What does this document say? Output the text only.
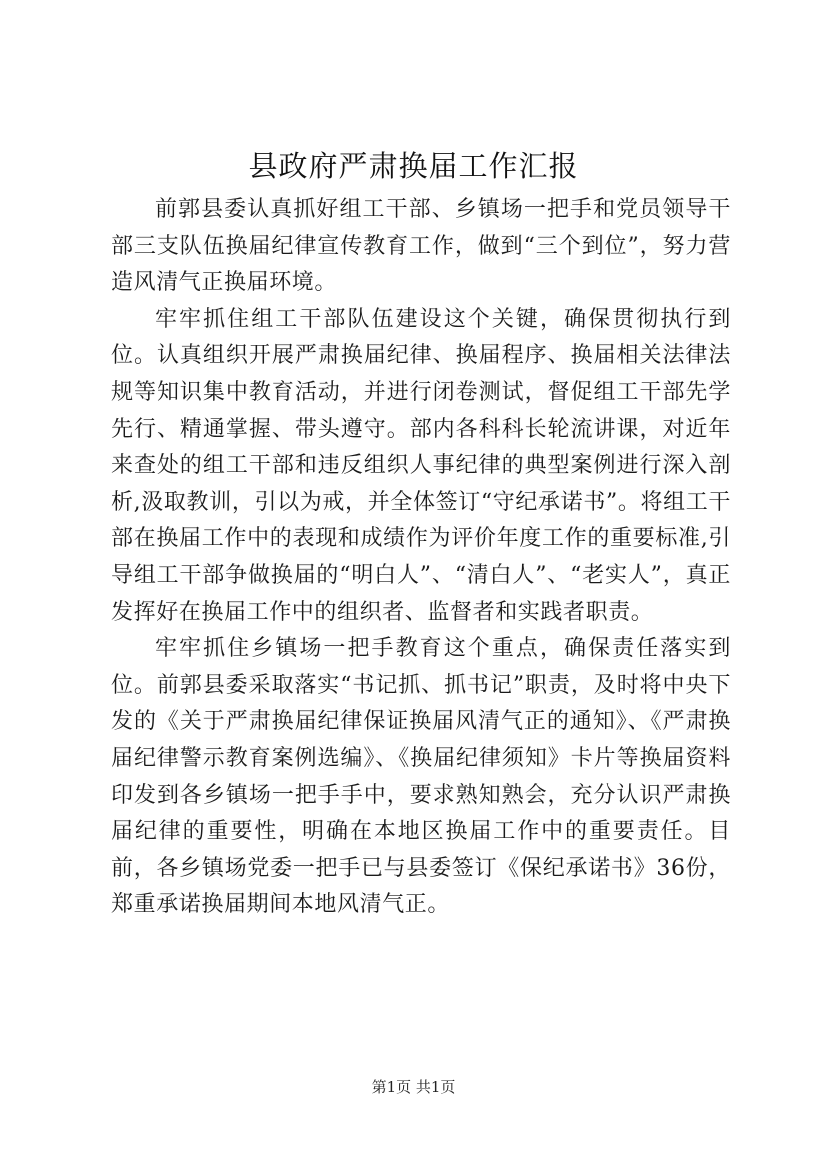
县政府严肃换届工作汇报

前郭县委认真抓好组工干部、乡镇场一把手和党员领导干部三支队伍换届纪律宣传教育工作，做到“三个到位”，努力营造风清气正换届环境。

牢牢抓住组工干部队伍建设这个关键，确保贯彻执行到位。认真组织开展严肃换届纪律、换届程序、换届相关法律法规等知识集中教育活动，并进行闭卷测试，督促组工干部先学先行、精通掌握、带头遵守。部内各科科长轮流讲课，对近年来查处的组工干部和违反组织人事纪律的典型案例进行深入剖析,汲取教训，引以为戒，并全体签订“守纪承诺书”。将组工干部在换届工作中的表现和成绩作为评价年度工作的重要标准,引导组工干部争做换届的“明白人”、“清白人”、“老实人”，真正发挥好在换届工作中的组织者、监督者和实践者职责。

牢牢抓住乡镇场一把手教育这个重点，确保责任落实到位。前郭县委采取落实“书记抓、抓书记”职责，及时将中央下发的《关于严肃换届纪律保证换届风清气正的通知》、《严肃换届纪律警示教育案例选编》、《换届纪律须知》卡片等换届资料印发到各乡镇场一把手手中，要求熟知熟会，充分认识严肃换届纪律的重要性，明确在本地区换届工作中的重要责任。目前，各乡镇场党委一把手已与县委签订《保纪承诺书》36份，郑重承诺换届期间本地风清气正。

第1页 共1页
